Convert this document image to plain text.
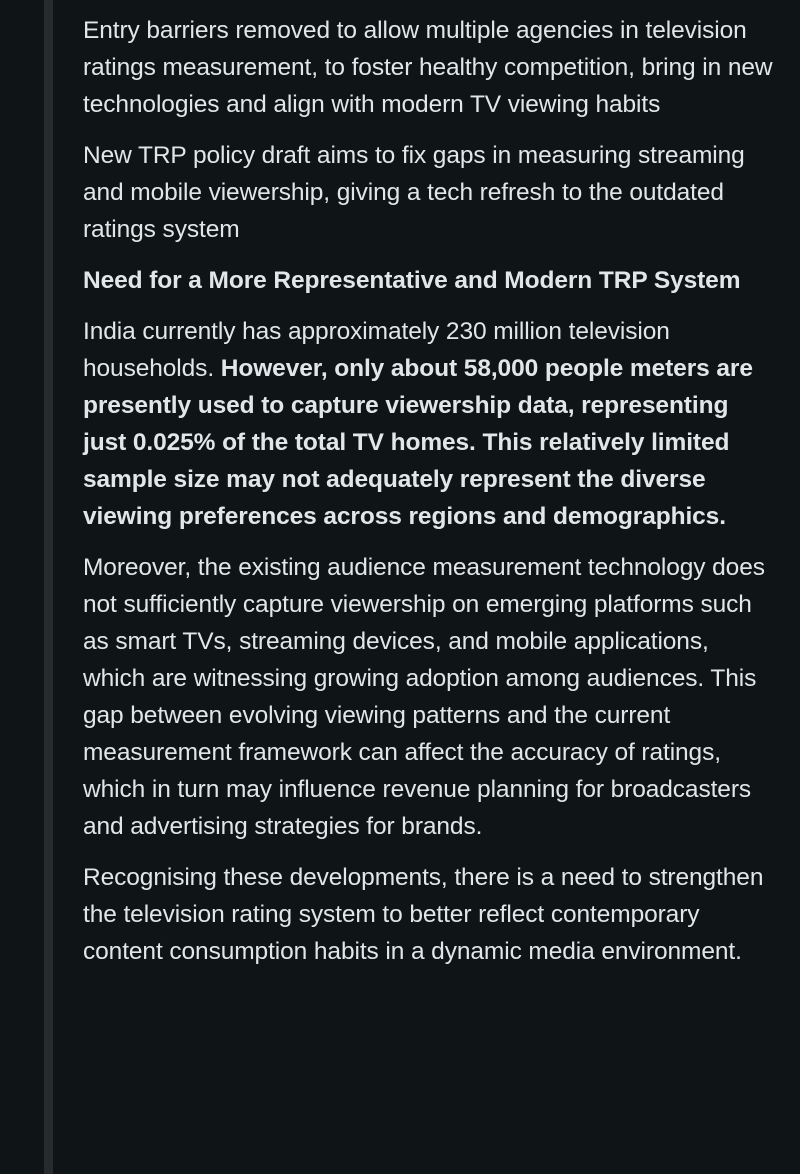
Entry barriers removed to allow multiple agencies in television ratings measurement, to foster healthy competition, bring in new technologies and align with modern TV viewing habits

New TRP policy draft aims to fix gaps in measuring streaming and mobile viewership, giving a tech refresh to the outdated ratings system

Need for a More Representative and Modern TRP System

India currently has approximately 230 million television households. However, only about 58,000 people meters are presently used to capture viewership data, representing just 0.025% of the total TV homes. This relatively limited sample size may not adequately represent the diverse viewing preferences across regions and demographics.

Moreover, the existing audience measurement technology does not sufficiently capture viewership on emerging platforms such as smart TVs, streaming devices, and mobile applications, which are witnessing growing adoption among audiences. This gap between evolving viewing patterns and the current measurement framework can affect the accuracy of ratings, which in turn may influence revenue planning for broadcasters and advertising strategies for brands.

Recognising these developments, there is a need to strengthen the television rating system to better reflect contemporary content consumption habits in a dynamic media environment.
